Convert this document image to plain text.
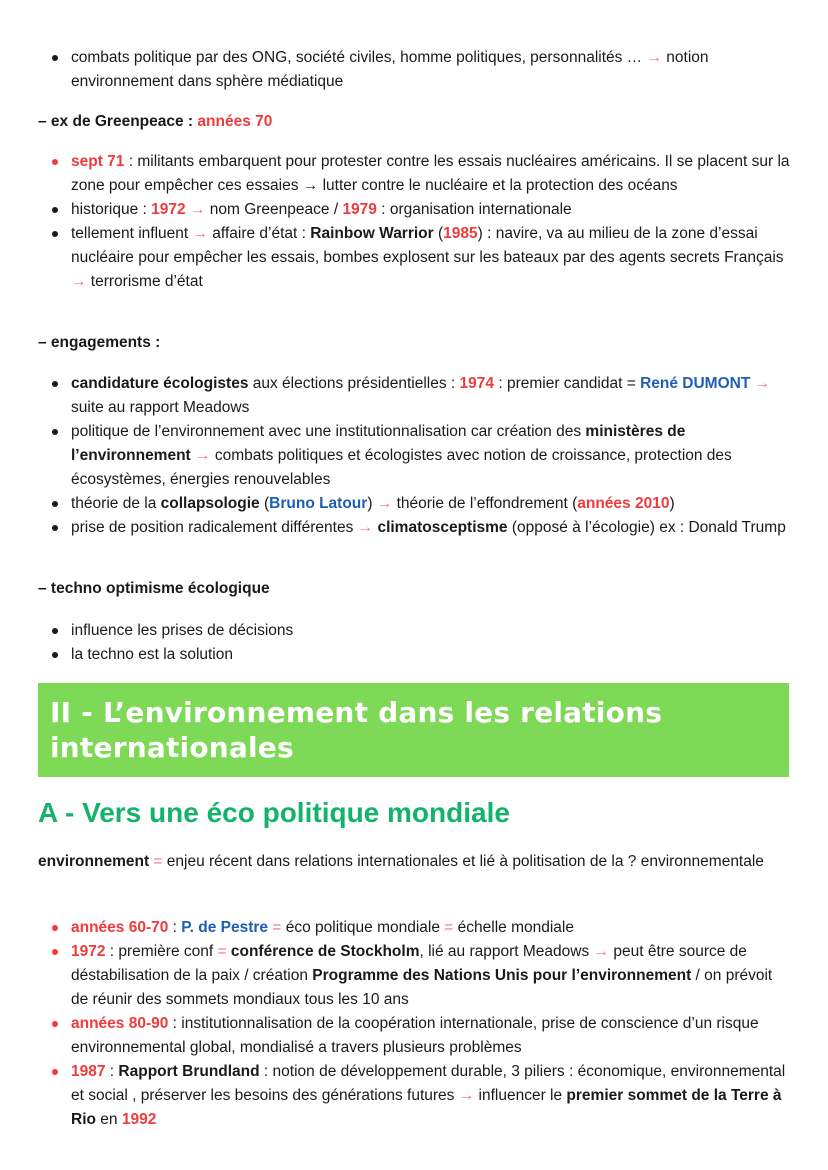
combats politique par des ONG, société civiles, homme politiques, personnalités … → notion environnement dans sphère médiatique

– ex de Greenpeace : années 70

sept 71 : militants embarquent pour protester contre les essais nucléaires américains. Il se placent sur la zone pour empêcher ces essaies → lutter contre le nucléaire et la protection des océans
historique : 1972 → nom Greenpeace / 1979 : organisation internationale
tellement influent → affaire d’état : Rainbow Warrior (1985) : navire, va au milieu de la zone d’essai nucléaire pour empêcher les essais, bombes explosent sur les bateaux par des agents secrets Français → terrorisme d’état

– engagements :

candidature écologistes aux élections présidentielles : 1974 : premier candidat = René DUMONT → suite au rapport Meadows
politique de l’environnement avec une institutionnalisation car création des ministères de l’environnement → combats politiques et écologistes avec notion de croissance, protection des écosystèmes, énergies renouvelables
théorie de la collapsologie (Bruno Latour) → théorie de l’effondrement (années 2010)
prise de position radicalement différentes → climatosceptisme (opposé à l’écologie) ex : Donald Trump

– techno optimisme écologique

influence les prises de décisions
la techno est la solution
II - L’environnement dans les relations internationales
A - Vers une éco politique mondiale

environnement = enjeu récent dans relations internationales et lié à politisation de la ? environnementale

années 60-70 : P. de Pestre = éco politique mondiale = échelle mondiale
1972 : première conf = conférence de Stockholm, lié au rapport Meadows → peut être source de déstabilisation de la paix / création Programme des Nations Unis pour l’environnement / on prévoit de réunir des sommets mondiaux tous les 10 ans
années 80-90 : institutionnalisation de la coopération internationale, prise de conscience d’un risque environnemental global, mondialisé a travers plusieurs problèmes
1987 : Rapport Brundland : notion de développement durable, 3 piliers : économique, environnemental et social , préserver les besoins des générations futures → influencer le premier sommet de la Terre à Rio en 1992
